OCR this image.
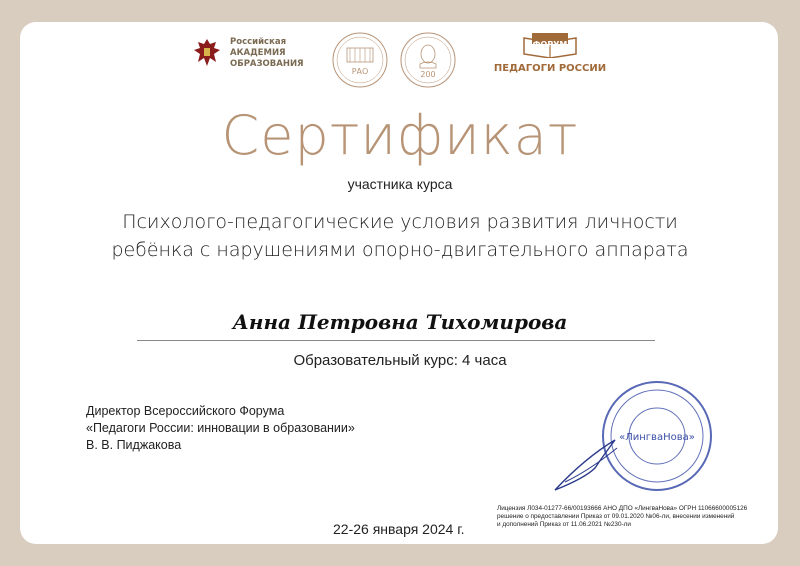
Российская
АКАДЕМИЯ
ОБРАЗОВАНИЯ
РАО	200
ФОРУМ
ПЕДАГОГИ РОССИИ
Сертификат
участника курса
Психолого-педагогические условия развития личности
ребёнка с нарушениями опорно-двигательного аппарата
Анна Петровна Тихомирова
Образовательный курс: 4 часа
Директор Всероссийского Форума
«Педагоги России: инновации в образовании»
В. В. Пиджакова
«ЛингваНова»
22-26 января 2024 г.
Лицензия Л034-01277-66/00193666 АНО ДПО «ЛингваНова» ОГРН 11066600005126
решение о предоставлении Приказ от 09.01.2020 №06-ли, внесении изменений
и дополнений Приказ от 11.06.2021 №230-ли
